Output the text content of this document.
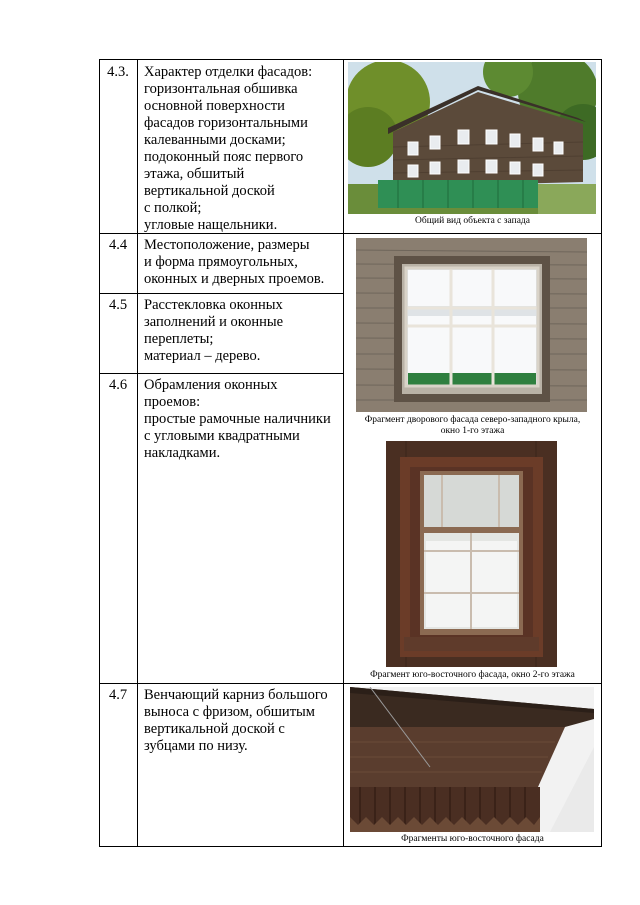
4.3.
4.4
4.5
4.6
4.7
Характер отделки фасадов:
горизонтальная обшивка
основной поверхности
фасадов горизонтальными
калеванными досками;
подоконный пояс первого
этажа, обшитый
вертикальной доской
с полкой;
угловые нащельники.
Местоположение, размеры
и форма прямоугольных,
оконных и дверных проемов.
Расстекловка оконных
заполнений и оконные
переплеты;
материал – дерево.
Обрамления оконных
проемов:
простые рамочные наличники
с угловыми квадратными
накладками.
Венчающий карниз большого
выноса с фризом, обшитым
вертикальной доской с
зубцами по низу.
Общий вид объекта с запада
Фрагмент дворового фасада северо-западного крыла,
окно 1-го этажа
Фрагмент юго-восточного фасада, окно 2-го этажа
Фрагменты юго-восточного фасада
